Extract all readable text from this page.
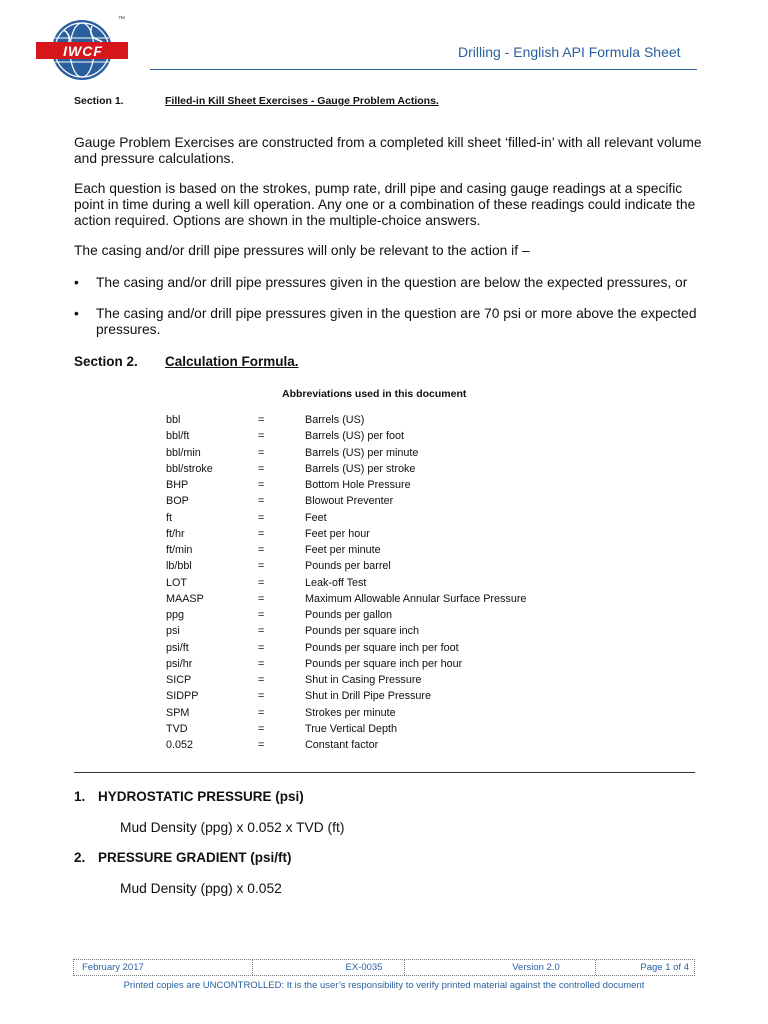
IWCF
™
Drilling - English API Formula Sheet
Section 1.	Filled-in Kill Sheet Exercises - Gauge Problem Actions.
Gauge Problem Exercises are constructed from a completed kill sheet ‘filled-in’ with all relevant volume and pressure calculations.
Each question is based on the strokes, pump rate, drill pipe and casing gauge readings at a specific point in time during a well kill operation. Any one or a combination of these readings could indicate the action required. Options are shown in the multiple-choice answers.
The casing and/or drill pipe pressures will only be relevant to the action if –
• The casing and/or drill pipe pressures given in the question are below the expected pressures, or
• The casing and/or drill pipe pressures given in the question are 70 psi or more above the expected pressures.
Section 2. Calculation Formula.
Abbreviations used in this document
bbl	=	Barrels (US)
bbl/ft	=	Barrels (US) per foot
bbl/min	=	Barrels (US) per minute
bbl/stroke	=	Barrels (US) per stroke
BHP	=	Bottom Hole Pressure
BOP	=	Blowout Preventer
ft	=	Feet
ft/hr	=	Feet per hour
ft/min	=	Feet per minute
lb/bbl	=	Pounds per barrel
LOT	=	Leak-off Test
MAASP	=	Maximum Allowable Annular Surface Pressure
ppg	=	Pounds per gallon
psi	=	Pounds per square inch
psi/ft	=	Pounds per square inch per foot
psi/hr	=	Pounds per square inch per hour
SICP	=	Shut in Casing Pressure
SIDPP	=	Shut in Drill Pipe Pressure
SPM	=	Strokes per minute
TVD	=	True Vertical Depth
0.052	=	Constant factor
1. HYDROSTATIC PRESSURE (psi)
Mud Density (ppg) x 0.052 x TVD (ft)
2. PRESSURE GRADIENT (psi/ft)
Mud Density (ppg) x 0.052
February 2017	EX-0035	Version 2.0	Page 1 of 4
Printed copies are UNCONTROLLED: It is the user’s responsibility to verify printed material against the controlled document
